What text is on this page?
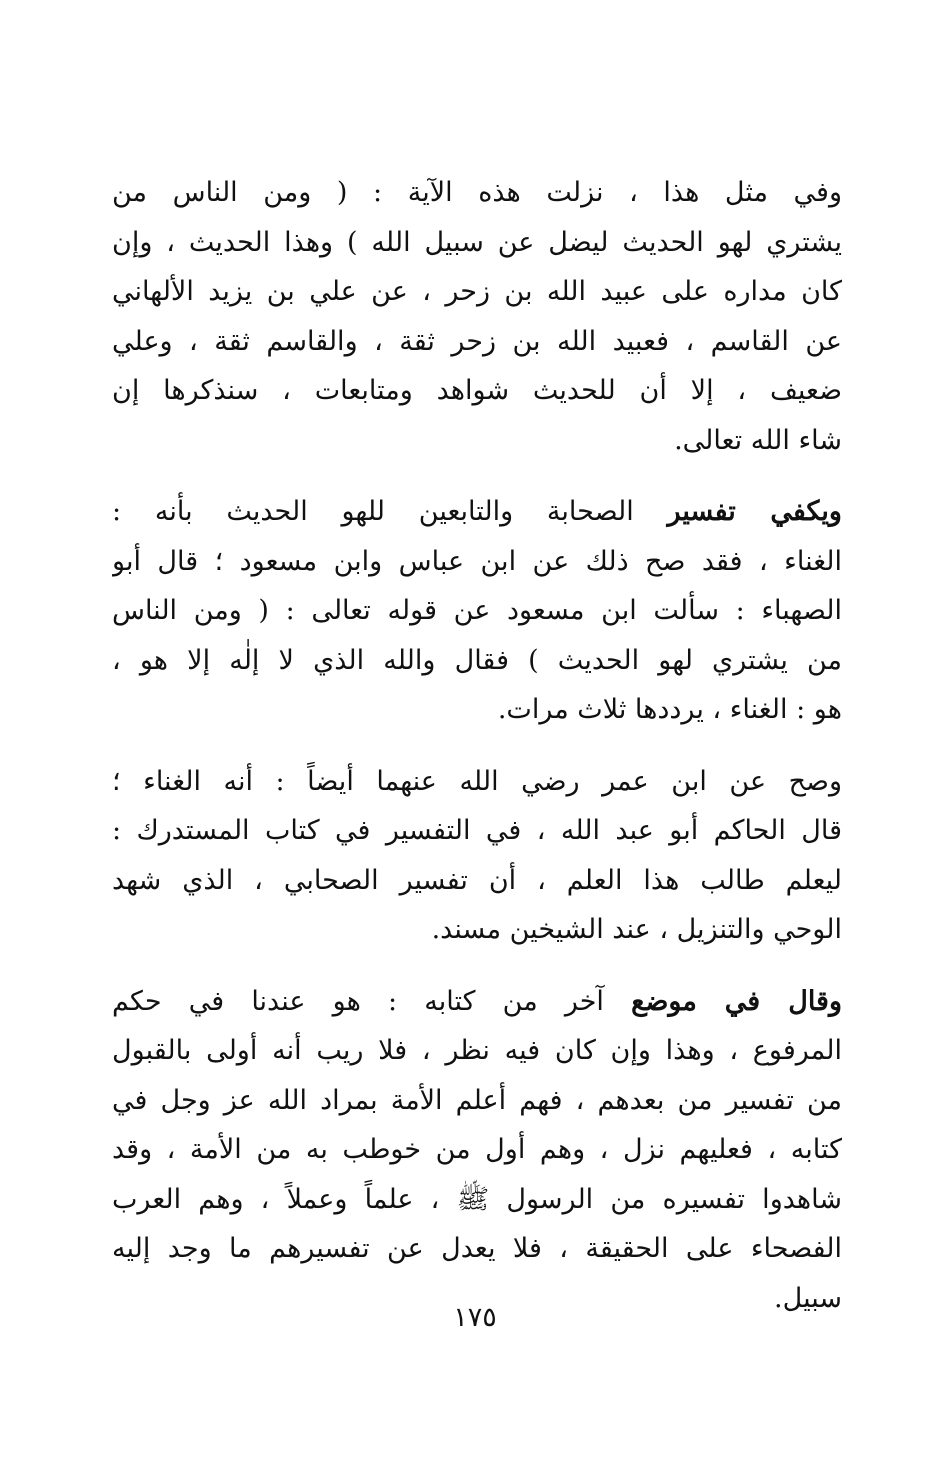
وفي مثل هذا ، نزلت هذه الآية : ( ومن الناس من
يشتري لهو الحديث ليضل عن سبيل الله ) وهذا الحديث ، وإن
كان مداره على عبيد الله بن زحر ، عن علي بن يزيد الألهاني
عن القاسم ، فعبيد الله بن زحر ثقة ، والقاسم ثقة ، وعلي
ضعيف ، إلا أن للحديث شواهد ومتابعات ، سنذكرها إن
شاء الله تعالى.
ويكفي تفسير الصحابة والتابعين للهو الحديث بأنه :
الغناء ، فقد صح ذلك عن ابن عباس وابن مسعود ؛ قال أبو
الصهباء : سألت ابن مسعود عن قوله تعالى : ( ومن الناس
من يشتري لهو الحديث ) فقال والله الذي لا إلٰه إلا هو ،
هو : الغناء ، يرددها ثلاث مرات.
وصح عن ابن عمر رضي الله عنهما أيضاً : أنه الغناء ؛
قال الحاكم أبو عبد الله ، في التفسير في كتاب المستدرك :
ليعلم طالب هذا العلم ، أن تفسير الصحابي ، الذي شهد
الوحي والتنزيل ، عند الشيخين مسند.
وقال في موضع آخر من كتابه : هو عندنا في حكم
المرفوع ، وهذا وإن كان فيه نظر ، فلا ريب أنه أولى بالقبول
من تفسير من بعدهم ، فهم أعلم الأمة بمراد الله عز وجل في
كتابه ، فعليهم نزل ، وهم أول من خوطب به من الأمة ، وقد
شاهدوا تفسيره من الرسول ﷺ ، علماً وعملاً ، وهم العرب
الفصحاء على الحقيقة ، فلا يعدل عن تفسيرهم ما وجد إليه
سبيل.
١٧٥
